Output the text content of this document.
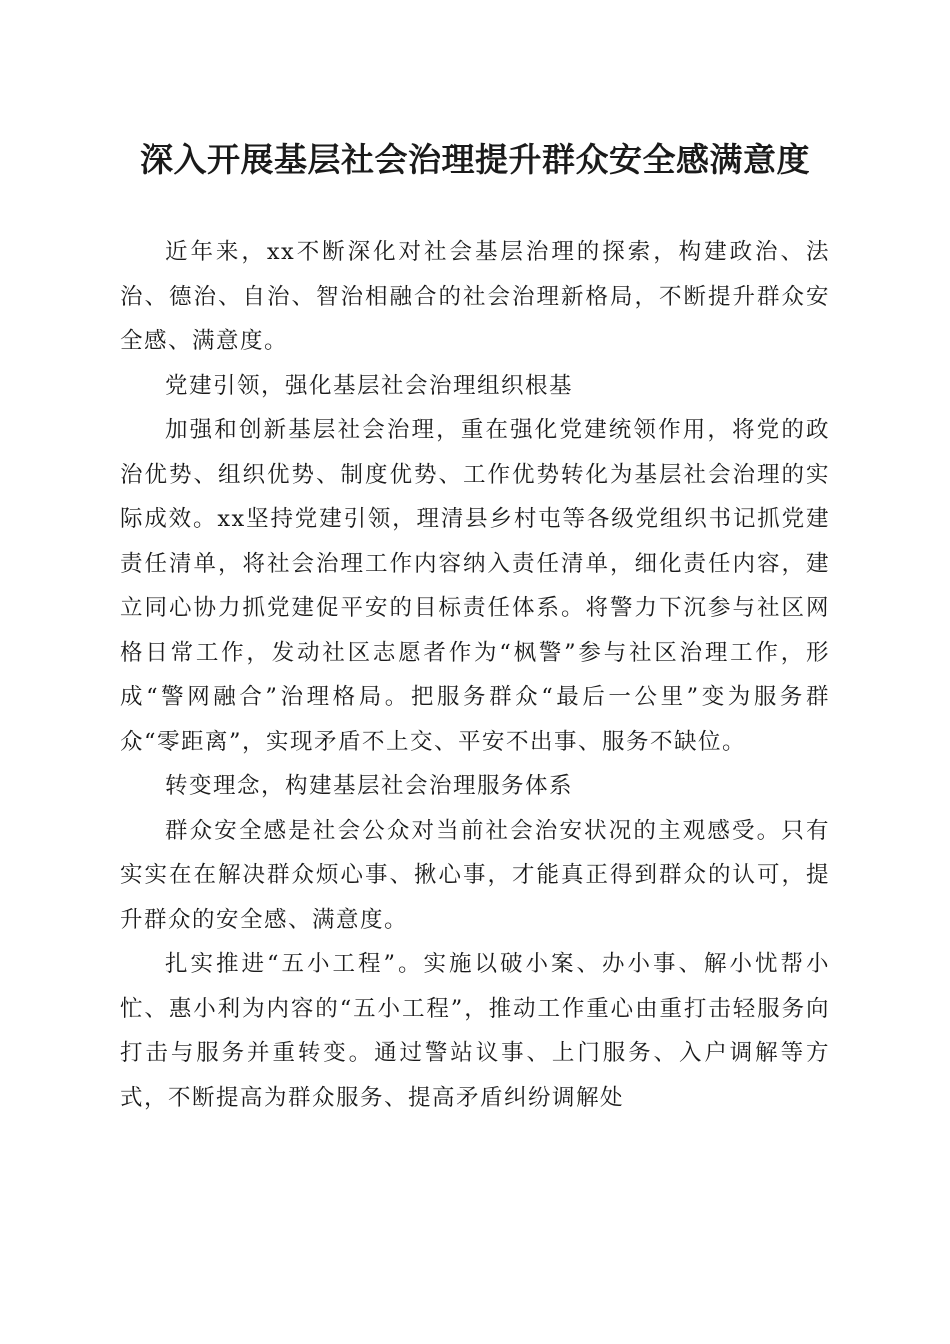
深入开展基层社会治理提升群众安全感满意度

近年来，xx不断深化对社会基层治理的探索，构建政治、法治、德治、自治、智治相融合的社会治理新格局，不断提升群众安全感、满意度。

党建引领，强化基层社会治理组织根基

加强和创新基层社会治理，重在强化党建统领作用，将党的政治优势、组织优势、制度优势、工作优势转化为基层社会治理的实际成效。xx坚持党建引领，理清县乡村屯等各级党组织书记抓党建责任清单，将社会治理工作内容纳入责任清单，细化责任内容，建立同心协力抓党建促平安的目标责任体系。将警力下沉参与社区网格日常工作，发动社区志愿者作为“枫警”参与社区治理工作，形成“警网融合”治理格局。把服务群众“最后一公里”变为服务群众“零距离”，实现矛盾不上交、平安不出事、服务不缺位。

转变理念，构建基层社会治理服务体系

群众安全感是社会公众对当前社会治安状况的主观感受。只有实实在在解决群众烦心事、揪心事，才能真正得到群众的认可，提升群众的安全感、满意度。

扎实推进“五小工程”。实施以破小案、办小事、解小忧帮小忙、惠小利为内容的“五小工程”，推动工作重心由重打击轻服务向打击与服务并重转变。通过警站议事、上门服务、入户调解等方式，不断提高为群众服务、提高矛盾纠纷调解处
